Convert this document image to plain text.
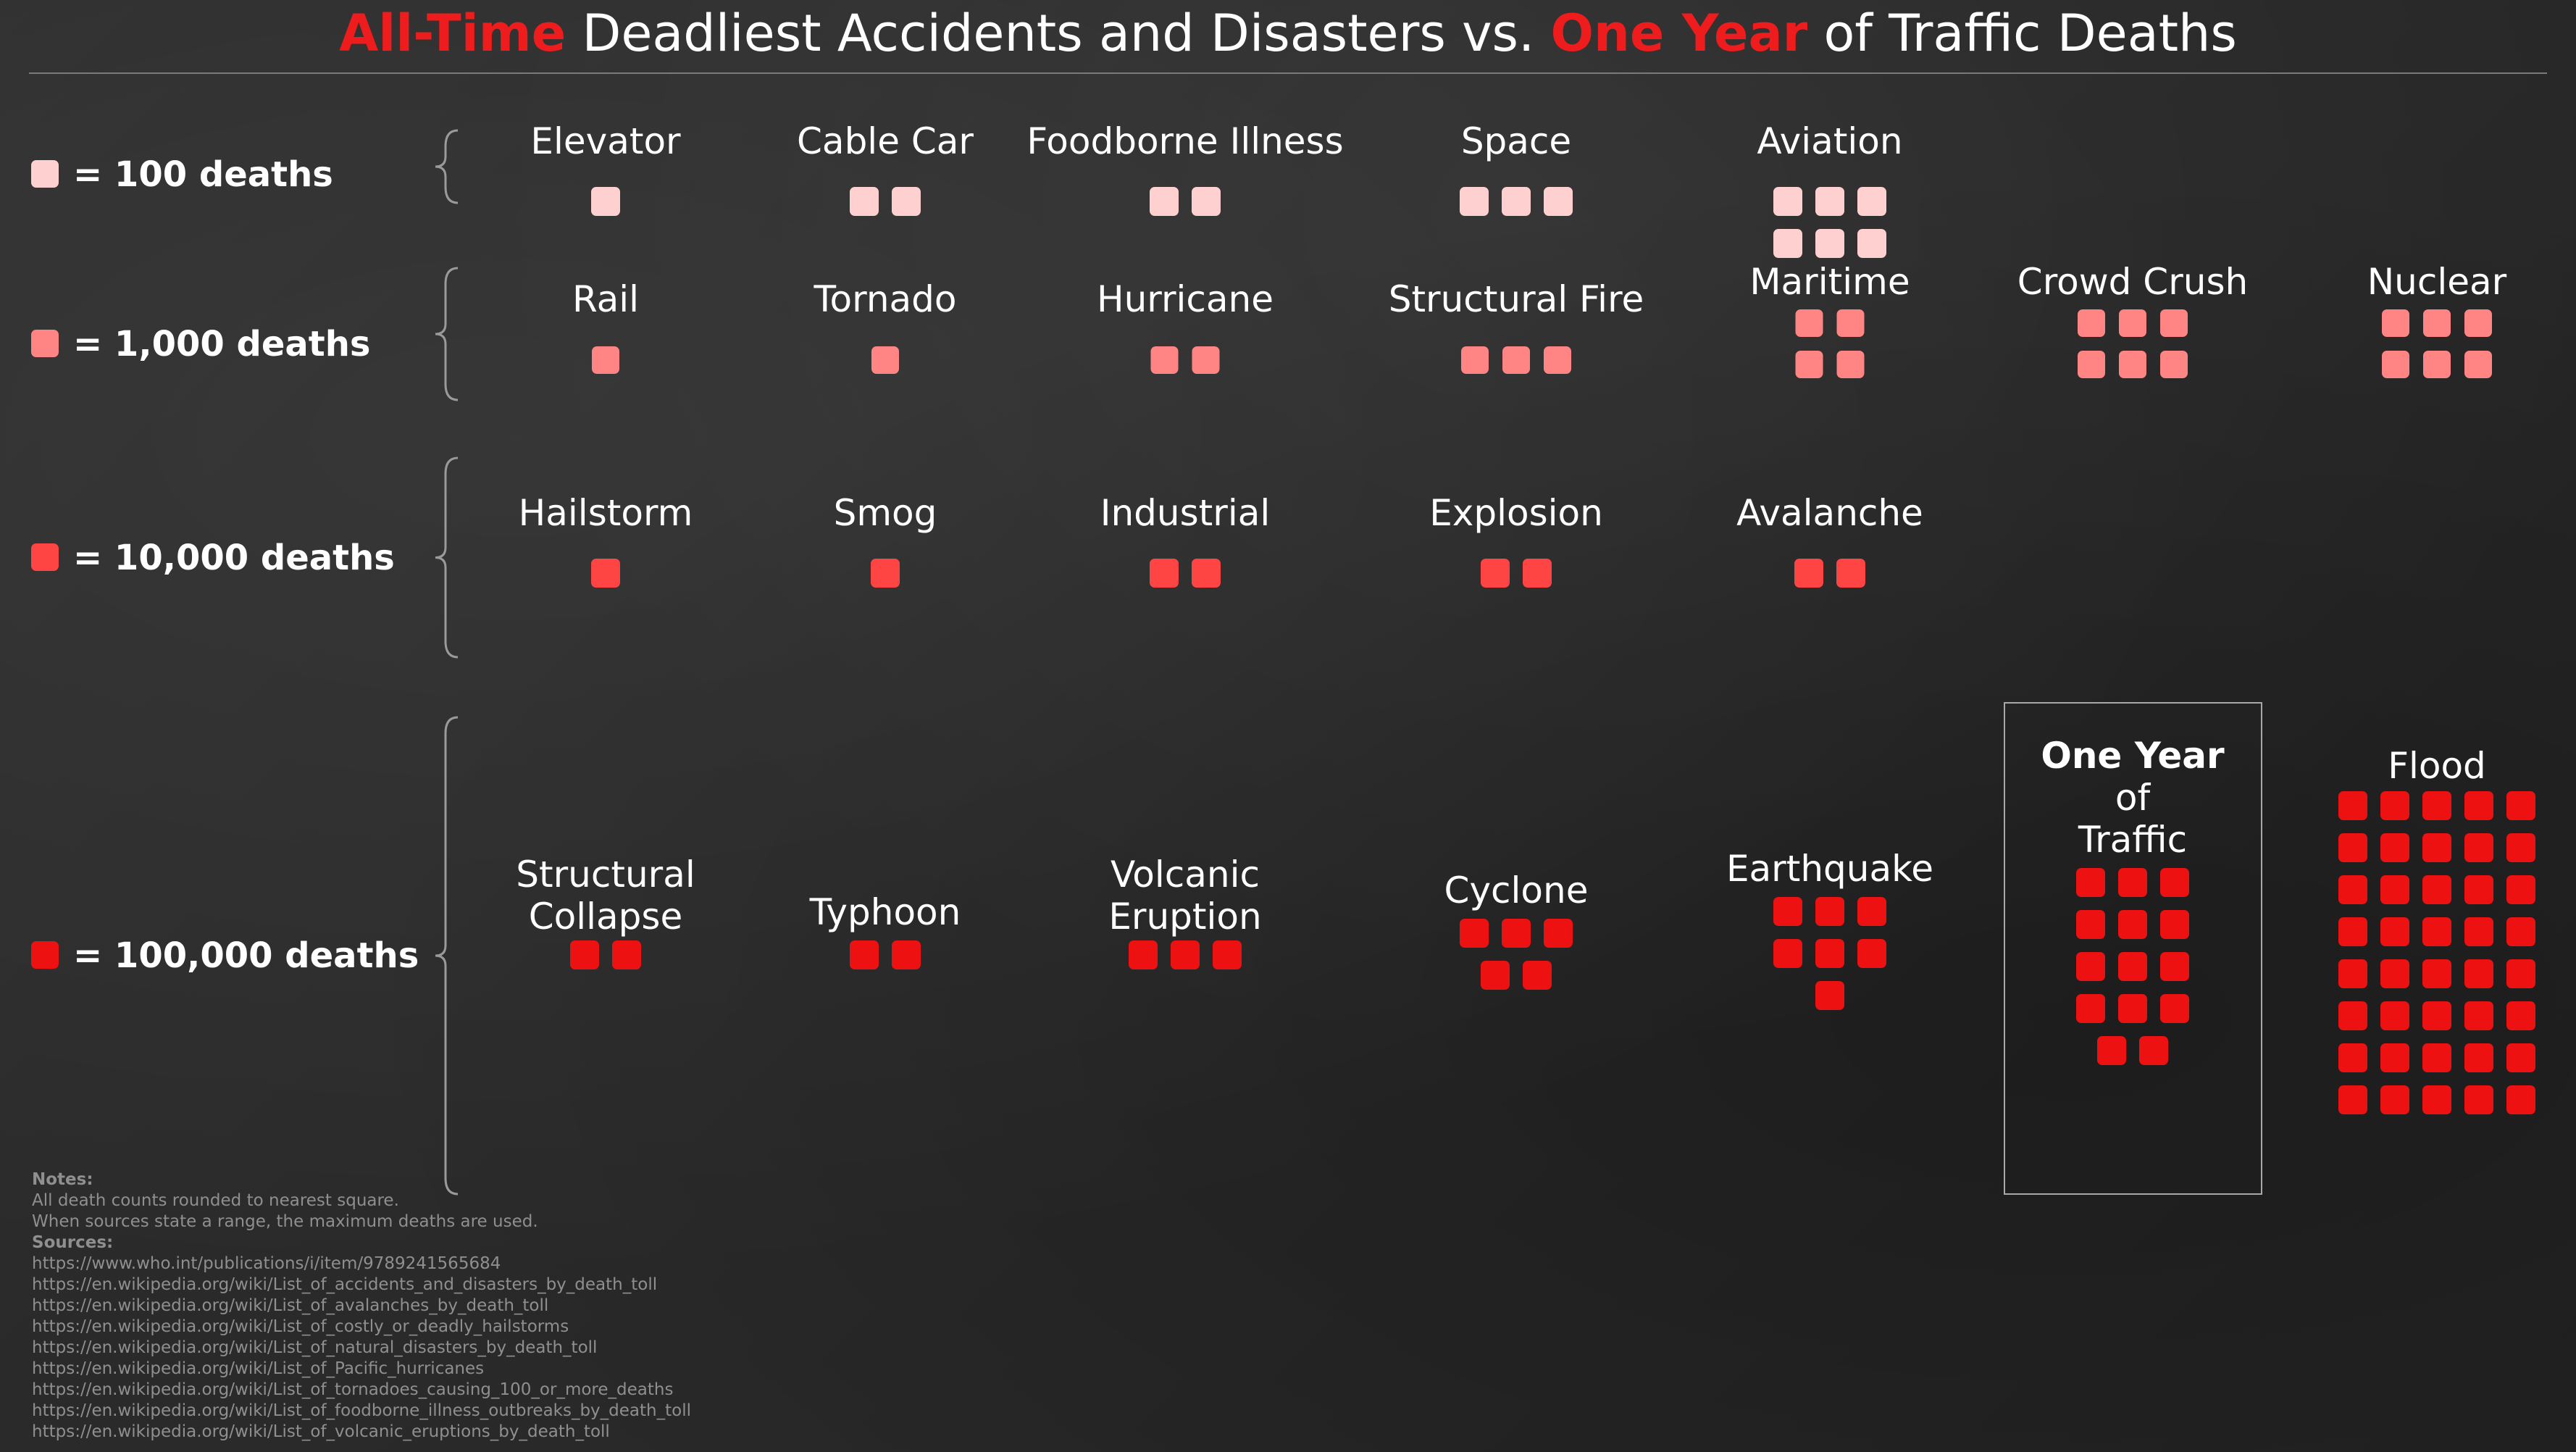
All-Time Deadliest Accidents and Disasters vs. One Year of Traffic Deaths
= 100 deaths
= 1,000 deaths
= 10,000 deaths
= 100,000 deaths
Elevator	Cable Car Foodborne Illness	Space	Aviation
Rail	Tornado	Hurricane	Structural Fire	Maritime	Crowd Crush	Nuclear
Hailstorm	Smog	Industrial	Explosion	Avalanche
Structural
Collapse	Typhoon
Volcanic
Eruption
Cyclone
Earthquake
One Year
of
Traffic
Flood
Notes:
All death counts rounded to nearest square.
When sources state a range, the maximum deaths are used.
Sources:
https://www.who.int/publications/i/item/9789241565684
https://en.wikipedia.org/wiki/List_of_accidents_and_disasters_by_death_toll
https://en.wikipedia.org/wiki/List_of_avalanches_by_death_toll
https://en.wikipedia.org/wiki/List_of_costly_or_deadly_hailstorms
https://en.wikipedia.org/wiki/List_of_natural_disasters_by_death_toll
https://en.wikipedia.org/wiki/List_of_Pacific_hurricanes
https://en.wikipedia.org/wiki/List_of_tornadoes_causing_100_or_more_deaths
https://en.wikipedia.org/wiki/List_of_foodborne_illness_outbreaks_by_death_toll
https://en.wikipedia.org/wiki/List_of_volcanic_eruptions_by_death_toll
